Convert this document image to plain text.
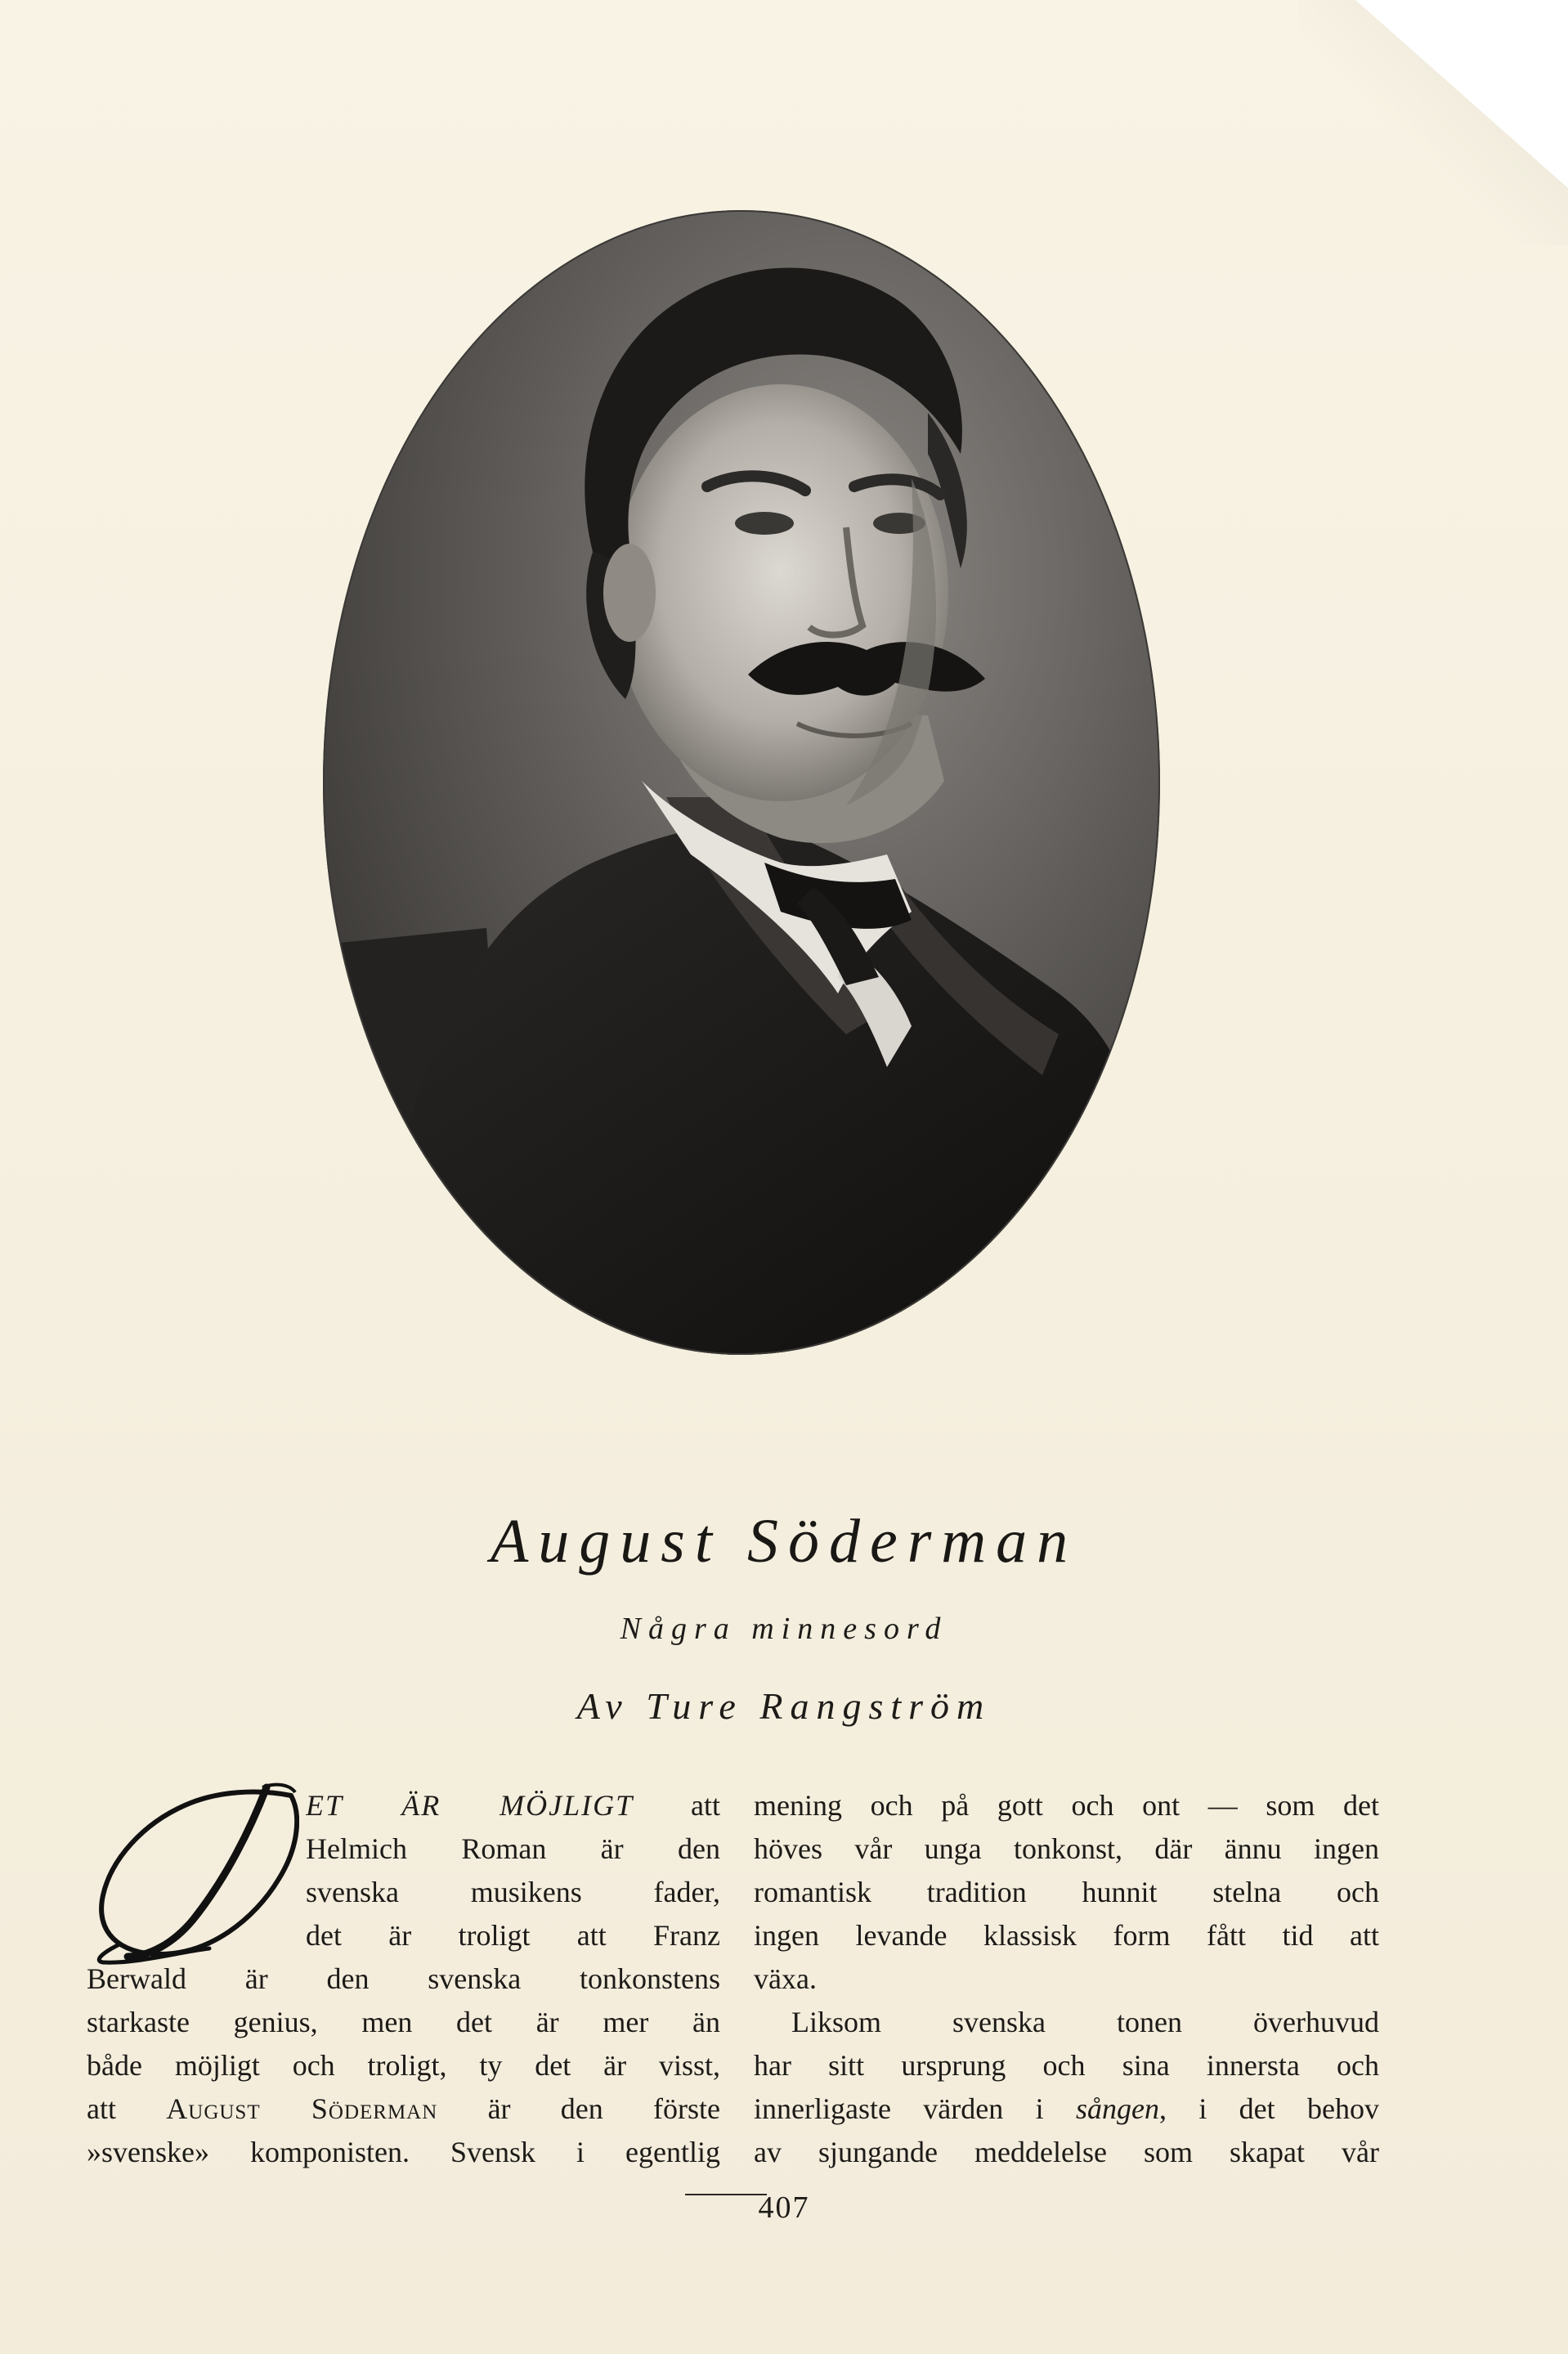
August Söderman
Några minnesord
Av Ture Rangström
ET ÄR MÖJLIGT att
Helmich Roman är den
svenska musikens fader,
det är troligt att Franz
Berwald är den svenska tonkonstens
starkaste genius, men det är mer än
både möjligt och troligt, ty det är visst,
att August Söderman är den förste
»svenske» komponisten. Svensk i egentlig
mening och på gott och ont — som det
höves vår unga tonkonst, där ännu ingen
romantisk tradition hunnit stelna och
ingen levande klassisk form fått tid att
växa.
Liksom svenska tonen överhuvud
har sitt ursprung och sina innersta och
innerligaste värden i sången, i det behov
av sjungande meddelelse som skapat vår
407
